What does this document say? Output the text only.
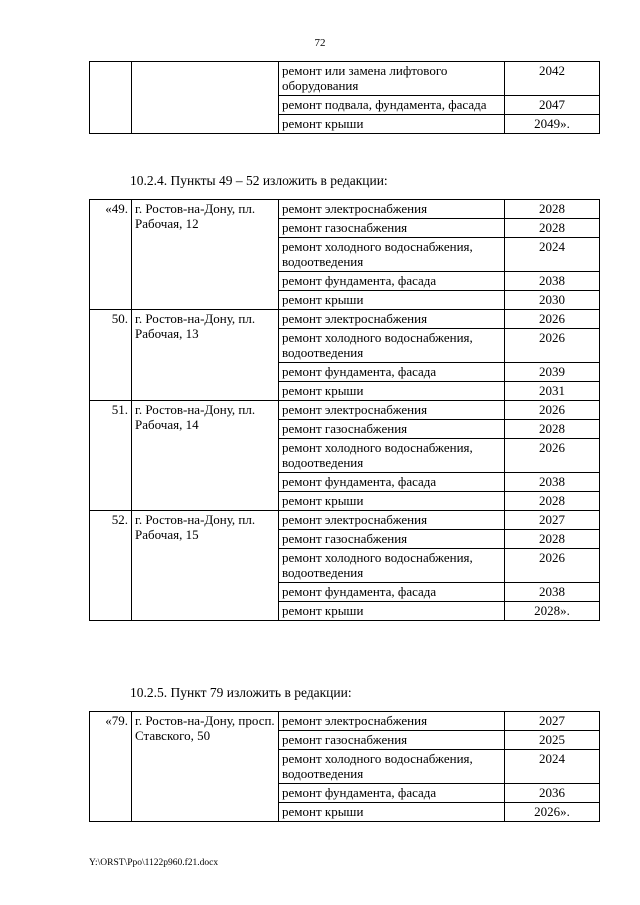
72
		ремонт или замена лифтового оборудования	2042
		ремонт подвала, фундамента, фасада	2047
		ремонт крыши	2049».
10.2.4. Пункты 49 – 52 изложить в редакции:
«49.	г. Ростов-на-Дону, пл. Рабочая, 12	ремонт электроснабжения	2028
		ремонт газоснабжения	2028
		ремонт холодного водоснабжения, водоотведения	2024
		ремонт фундамента, фасада	2038
		ремонт крыши	2030
50.	г. Ростов-на-Дону, пл. Рабочая, 13	ремонт электроснабжения	2026
		ремонт холодного водоснабжения, водоотведения	2026
		ремонт фундамента, фасада	2039
		ремонт крыши	2031
51.	г. Ростов-на-Дону, пл. Рабочая, 14	ремонт электроснабжения	2026
		ремонт газоснабжения	2028
		ремонт холодного водоснабжения, водоотведения	2026
		ремонт фундамента, фасада	2038
		ремонт крыши	2028
52.	г. Ростов-на-Дону, пл. Рабочая, 15	ремонт электроснабжения	2027
		ремонт газоснабжения	2028
		ремонт холодного водоснабжения, водоотведения	2026
		ремонт фундамента, фасада	2038
		ремонт крыши	2028».
10.2.5. Пункт 79 изложить в редакции:
«79.	г. Ростов-на-Дону, просп. Ставского, 50	ремонт электроснабжения	2027
		ремонт газоснабжения	2025
		ремонт холодного водоснабжения, водоотведения	2024
		ремонт фундамента, фасада	2036
		ремонт крыши	2026».
Y:\ORST\Ppo\1122p960.f21.docx
